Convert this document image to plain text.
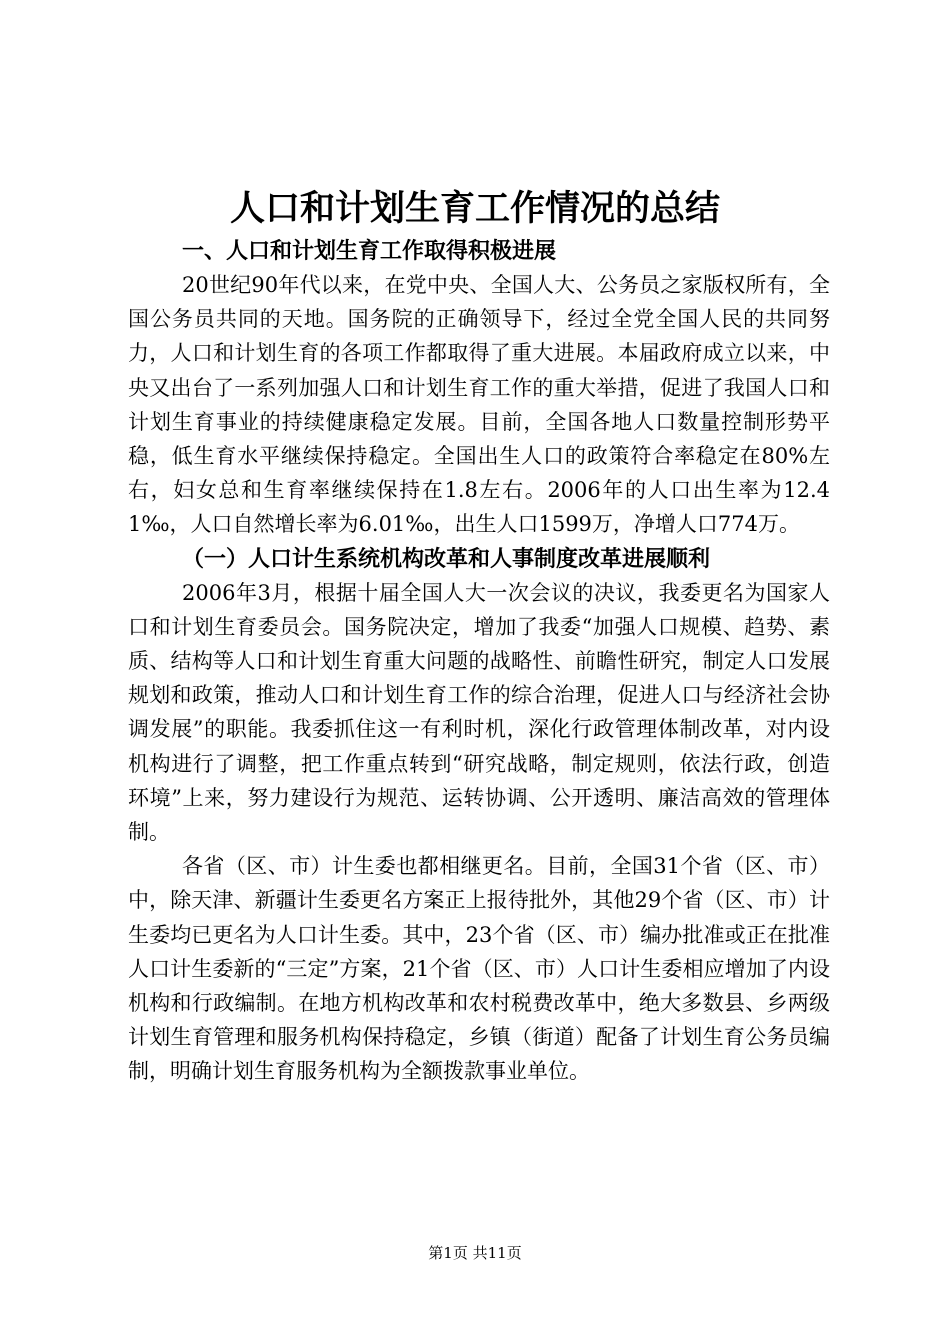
人口和计划生育工作情况的总结
一、人口和计划生育工作取得积极进展

20世纪90年代以来，在党中央、全国人大、公务员之家版权所有，全国公务员共同的天地。国务院的正确领导下，经过全党全国人民的共同努力，人口和计划生育的各项工作都取得了重大进展。本届政府成立以来，中央又出台了一系列加强人口和计划生育工作的重大举措，促进了我国人口和计划生育事业的持续健康稳定发展。目前，全国各地人口数量控制形势平稳，低生育水平继续保持稳定。全国出生人口的政策符合率稳定在80%左右，妇女总和生育率继续保持在1.8左右。2006年的人口出生率为12.41‰，人口自然增长率为6.01‰，出生人口1599万，净增人口774万。

（一）人口计生系统机构改革和人事制度改革进展顺利

2006年3月，根据十届全国人大一次会议的决议，我委更名为国家人口和计划生育委员会。国务院决定，增加了我委“加强人口规模、趋势、素质、结构等人口和计划生育重大问题的战略性、前瞻性研究，制定人口发展规划和政策，推动人口和计划生育工作的综合治理，促进人口与经济社会协调发展”的职能。我委抓住这一有利时机，深化行政管理体制改革，对内设机构进行了调整，把工作重点转到“研究战略，制定规则，依法行政，创造环境”上来，努力建设行为规范、运转协调、公开透明、廉洁高效的管理体制。

各省（区、市）计生委也都相继更名。目前，全国31个省（区、市）中，除天津、新疆计生委更名方案正上报待批外，其他29个省（区、市）计生委均已更名为人口计生委。其中，23个省（区、市）编办批准或正在批准人口计生委新的“三定”方案，21个省（区、市）人口计生委相应增加了内设机构和行政编制。在地方机构改革和农村税费改革中，绝大多数县、乡两级计划生育管理和服务机构保持稳定，乡镇（街道）配备了计划生育公务员编制，明确计划生育服务机构为全额拨款事业单位。

第1页 共11页
